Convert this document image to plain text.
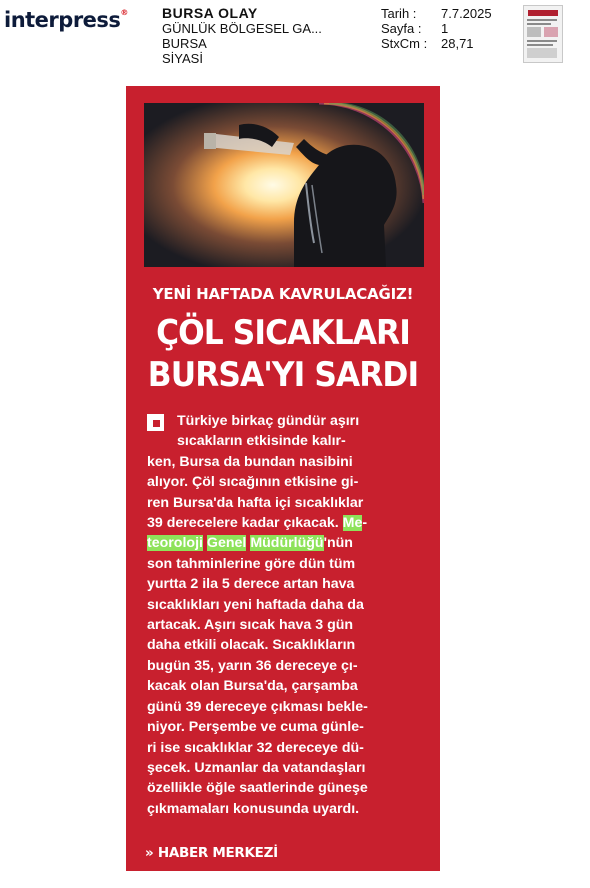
interpress® BURSA OLAY
GÜNLÜK BÖLGESEL GA...
BURSA
SİYASİ
Tarih :	7.7.2025
Sayfa :	1
StxCm :	28,71
YENİ HAFTADA KAVRULACAĞIZ!
ÇÖL SICAKLARI
BURSA'YI SARDI
Türkiye birkaç gündür aşırı
sıcakların etkisinde kalır-
ken, Bursa da bundan nasibini
alıyor. Çöl sıcağının etkisine gi-
ren Bursa'da hafta içi sıcaklıklar
39 derecelere kadar çıkacak. Me-
teoroloji Genel Müdürlüğü'nün
son tahminlerine göre dün tüm
yurtta 2 ila 5 derece artan hava
sıcaklıkları yeni haftada daha da
artacak. Aşırı sıcak hava 3 gün
daha etkili olacak. Sıcaklıkların
bugün 35, yarın 36 dereceye çı-
kacak olan Bursa'da, çarşamba
günü 39 dereceye çıkması bekle-
niyor. Perşembe ve cuma günle-
ri ise sıcaklıklar 32 dereceye dü-
şecek. Uzmanlar da vatandaşları
özellikle öğle saatlerinde güneşe
çıkmamaları konusunda uyardı.
» HABER MERKEZİ
